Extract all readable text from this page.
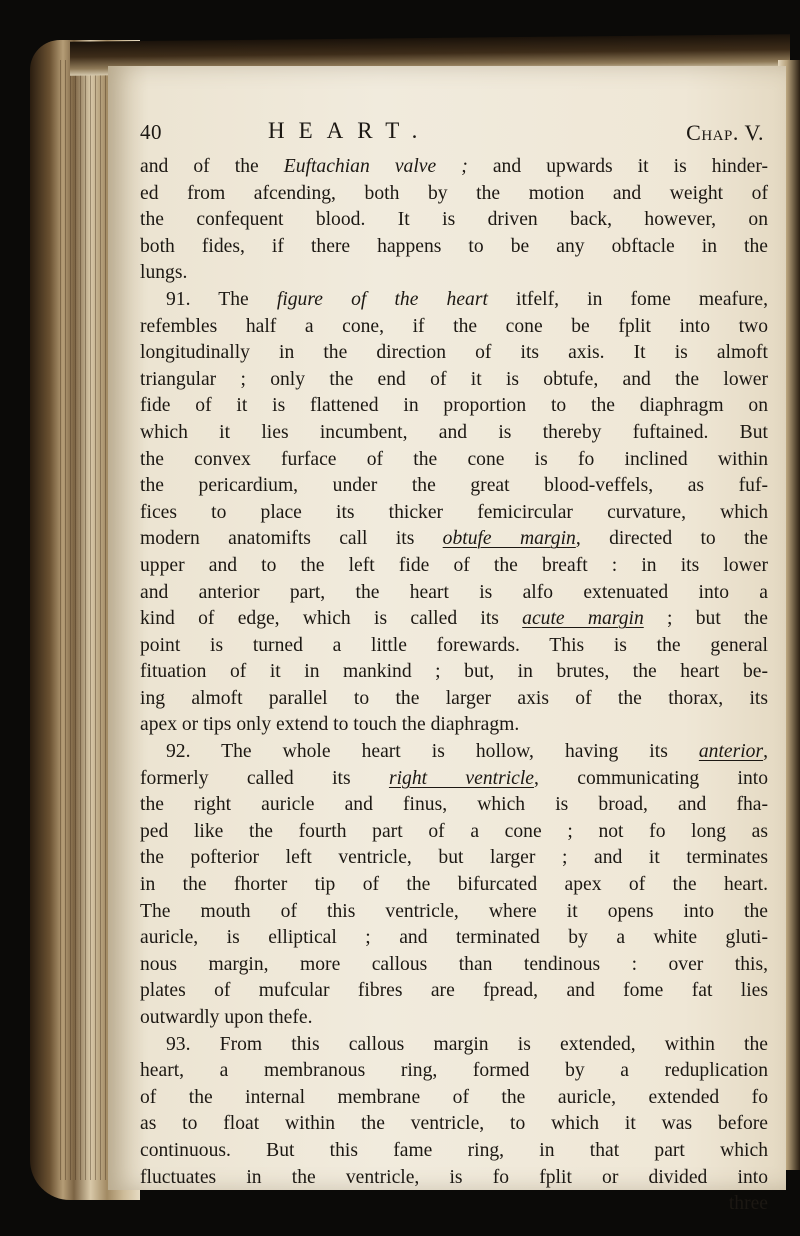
40	HEART.	Chap. V.
and of the Euftachian valve ; and upwards it is hinder-
ed from afcending, both by the motion and weight of
the confequent blood. It is driven back, however, on
both fides, if there happens to be any obftacle in the
lungs.
91. The figure of the heart itfelf, in fome meafure,
refembles half a cone, if the cone be fplit into two
longitudinally in the direction of its axis. It is almoft
triangular ; only the end of it is obtufe, and the lower
fide of it is flattened in proportion to the diaphragm on
which it lies incumbent, and is thereby fuftained. But
the convex furface of the cone is fo inclined within
the pericardium, under the great blood-veffels, as fuf-
fices to place its thicker femicircular curvature, which
modern anatomifts call its obtufe margin, directed to the
upper and to the left fide of the breaft : in its lower
and anterior part, the heart is alfo extenuated into a
kind of edge, which is called its acute margin ; but the
point is turned a little forewards. This is the general
fituation of it in mankind ; but, in brutes, the heart be-
ing almoft parallel to the larger axis of the thorax, its
apex or tips only extend to touch the diaphragm.
92. The whole heart is hollow, having its anterior,
formerly called its right ventricle, communicating into
the right auricle and finus, which is broad, and fha-
ped like the fourth part of a cone ; not fo long as
the pofterior left ventricle, but larger ; and it terminates
in the fhorter tip of the bifurcated apex of the heart.
The mouth of this ventricle, where it opens into the
auricle, is elliptical ; and terminated by a white gluti-
nous margin, more callous than tendinous : over this,
plates of mufcular fibres are fpread, and fome fat lies
outwardly upon thefe.
93. From this callous margin is extended, within the
heart, a membranous ring, formed by a reduplication
of the internal membrane of the auricle, extended fo
as to float within the ventricle, to which it was before
continuous. But this fame ring, in that part which
fluctuates in the ventricle, is fo fplit or divided into
three
